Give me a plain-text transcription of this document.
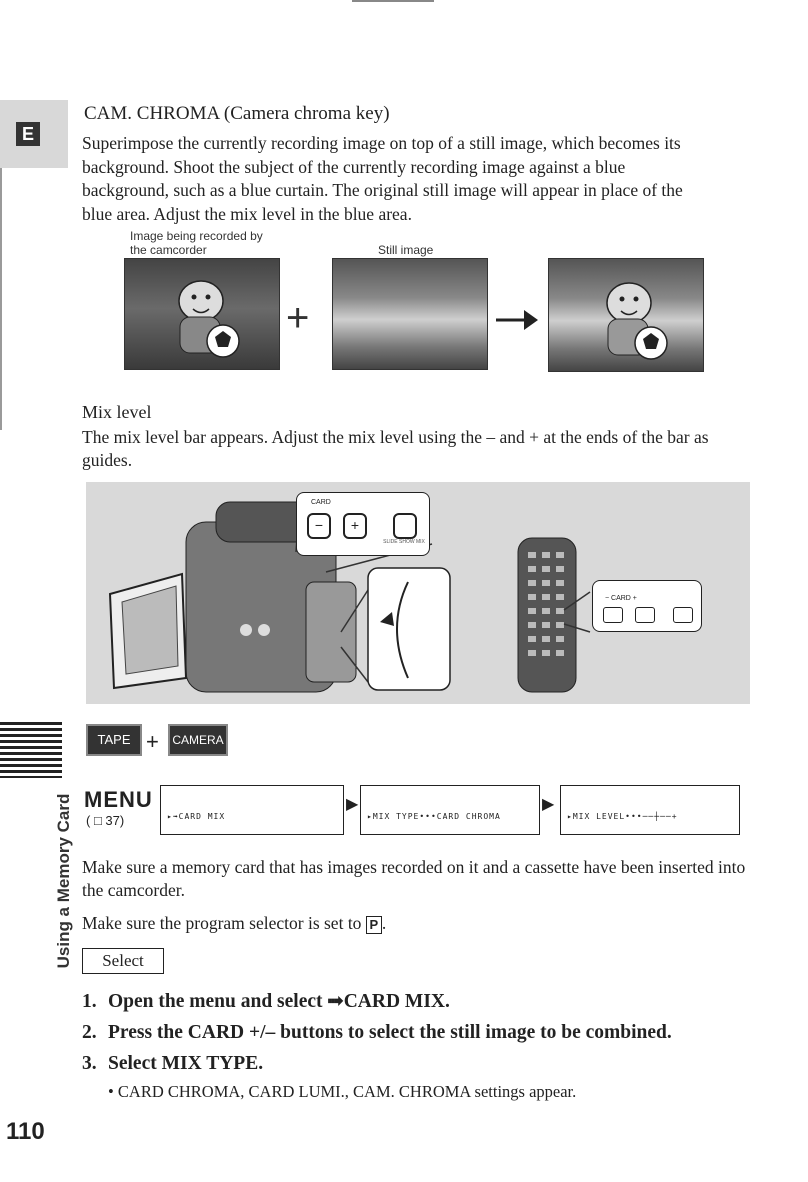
E
Using a Memory Card
110
CAM. CHROMA (Camera chroma key)
Superimpose the currently recording image on top of a still image, which becomes its background. Shoot the subject of the currently recording image against a blue background, such as a blue curtain. The original still image will appear in place of the blue area. Adjust the mix level in the blue area.
Image being recorded by the camcorder	Still image
+
Mix level
The mix level bar appears. Adjust the mix level using the – and + at the ends of the bar as guides.
CARD
−	+
SLIDE SHOW MIX
− CARD +
TAPE +	CAMERA
MENU
( □ 37)	▸➟CARD MIX
▶
▸MIX TYPE•••CARD CHROMA
▶
▸MIX LEVEL•••──┼──+
Make sure a memory card that has images recorded on it and a cassette have been inserted into the camcorder.
Make sure the program selector is set to P .
Select
1. Open the menu and select ➟CARD MIX.
2. Press the CARD +/– buttons to select the still image to be combined.
3. Select MIX TYPE.
• CARD CHROMA, CARD LUMI., CAM. CHROMA settings appear.
